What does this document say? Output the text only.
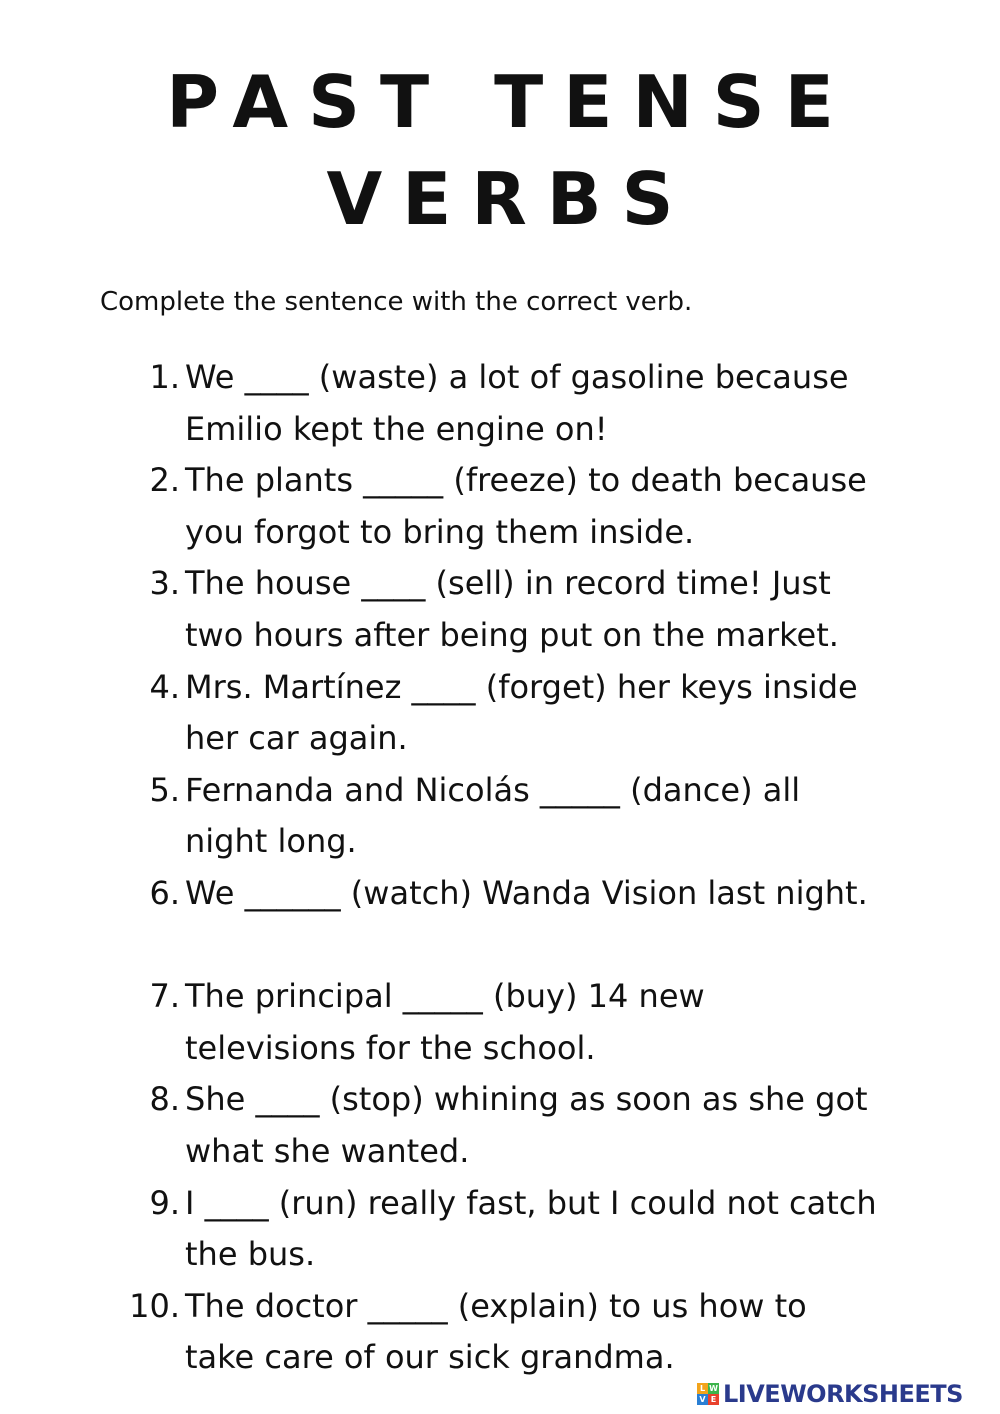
PAST TENSE
VERBS

Complete the sentence with the correct verb.

1. We ____ (waste) a lot of gasoline because Emilio kept the engine on!
2. The plants _____ (freeze) to death because you forgot to bring them inside.
3. The house ____ (sell) in record time! Just two hours after being put on the market.
4. Mrs. Martínez ____ (forget) her keys inside her car again.
5. Fernanda and Nicolás _____ (dance) all night long.
6. We ______ (watch) Wanda Vision last night.
7. The principal _____ (buy) 14 new televisions for the school.
8. She ____ (stop) whining as soon as she got what she wanted.
9. I ____ (run) really fast, but I could not catch the bus.
10. The doctor _____ (explain) to us how to take care of our sick grandma.
L W
V E LIVEWORKSHEETS
